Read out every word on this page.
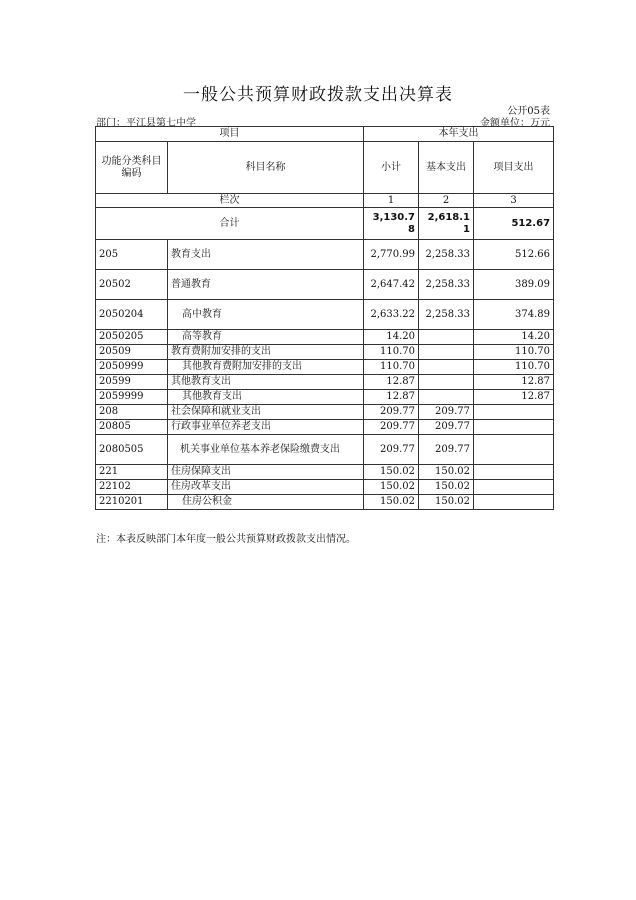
一般公共预算财政拨款支出决算表
公开05表
部门：平江县第七中学	金额单位：万元
项目		本年支出		
功能分类科目编码	科目名称	小计	基本支出	项目支出
栏次		1	2	3
合计		3,130.78	2,618.11	512.67
205	教育支出	2,770.99	2,258.33	512.66
20502	普通教育	2,647.42	2,258.33	389.09
2050204	高中教育	2,633.22	2,258.33	374.89
2050205	高等教育	14.20		14.20
20509	教育费附加安排的支出	110.70		110.70
2050999	其他教育费附加安排的支出	110.70		110.70
20599	其他教育支出	12.87		12.87
2059999	其他教育支出	12.87		12.87
208	社会保障和就业支出	209.77	209.77	
20805	行政事业单位养老支出	209.77	209.77	
2080505	机关事业单位基本养老保险缴费支出	209.77	209.77	
221	住房保障支出	150.02	150.02	
22102	住房改革支出	150.02	150.02	
2210201	住房公积金	150.02	150.02	
注：本表反映部门本年度一般公共预算财政拨款支出情况。
